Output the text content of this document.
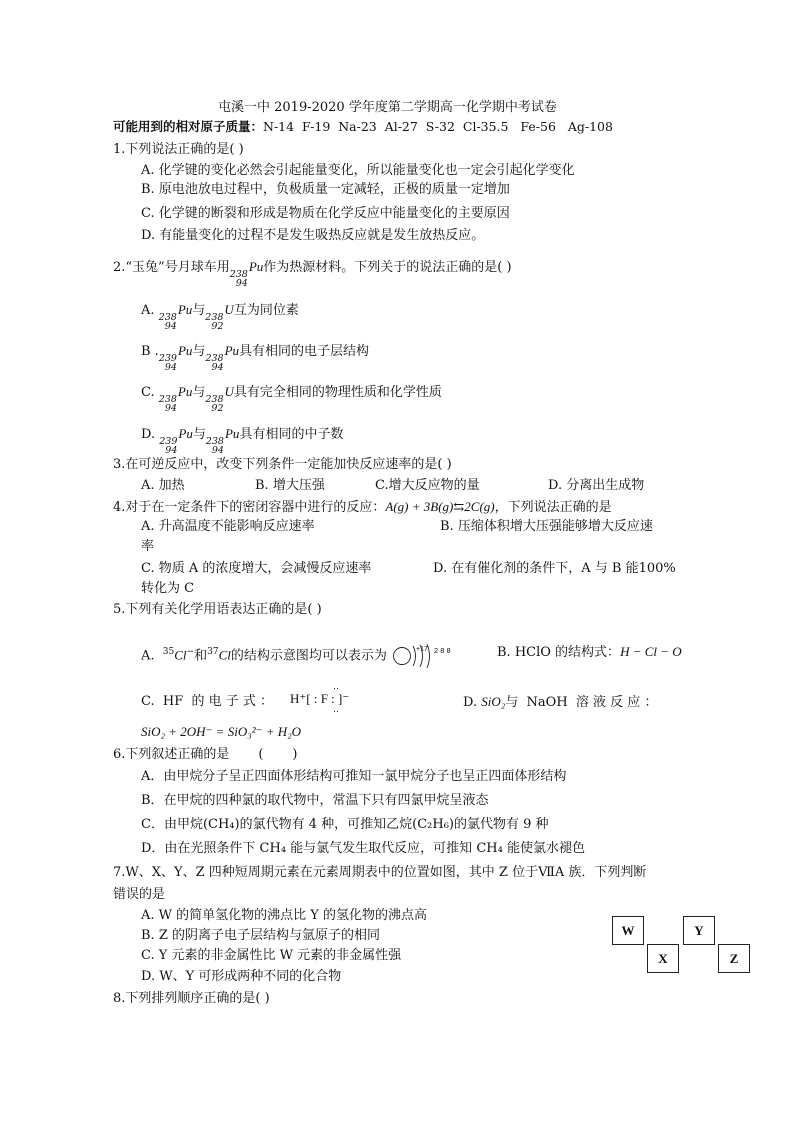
屯溪一中 2019-2020 学年度第二学期高一化学期中考试卷
可能用到的相对原子质量：N-14  F-19  Na-23  Al-27  S-32  Cl-35.5   Fe-56   Ag-108
1.下列说法正确的是( )
A. 化学键的变化必然会引起能量变化，所以能量变化也一定会引起化学变化
B. 原电池放电过程中，负极质量一定减轻，正极的质量一定增加
C. 化学键的断裂和形成是物质在化学反应中能量变化的主要原因
D. 有能量变化的过程不是发生吸热反应就是发生放热反应。
2.“玉兔”号月球车用 238
94
Pu作为热源材料。下列关于的说法正确的是( )
A. 238
94
Pu与 238
92
U互为同位素
B . 239
94
Pu与 238
94
Pu具有相同的电子层结构
C. 238
94
Pu与 238
92
U具有完全相同的物理性质和化学性质
D. 239
94
Pu与 238
94
Pu具有相同的中子数
3.在可逆反应中，改变下列条件一定能加快反应速率的是( )
A. 加热	B. 增大压强	C.增大反应物的量	D. 分离出生成物
4.对于在一定条件下的密闭容器中进行的反应：A(g) + 3B(g)⇆2C(g)，下列说法正确的是
A. 升高温度不能影响反应速率	B. 压缩体积增大压强能够增大反应速
率
C. 物质 A 的浓度增大，会减慢反应速率	D. 在有催化剂的条件下，A 与 B 能100%
转化为 C
5.下列有关化学用语表达正确的是( )
A. $^{35}$Cl−和$^{37}$Cl的结构示意图均可以表示为	+17 2 8 8	B. HClO 的结构式：H − Cl − O
C.  HF  的 电 子 式 ：
‥
H⁺[ : F : ]⁻
‥	D. SiO₂与  NaOH  溶 液 反 应 ：
SiO₂ + 2OH⁻ = SiO₃²⁻ + H₂O
6.下列叙述正确的是       (       )
A．由甲烷分子呈正四面体形结构可推知一氯甲烷分子也呈正四面体形结构
B．在甲烷的四种氯的取代物中，常温下只有四氯甲烷呈液态
C．由甲烷(CH₄)的氯代物有 4 种，可推知乙烷(C₂H₆)的氯代物有 9 种
D．由在光照条件下 CH₄ 能与氯气发生取代反应，可推知 CH₄ 能使氯水褪色
7.W、X、Y、Z 四种短周期元素在元素周期表中的位置如图，其中 Z 位于ⅦA 族．下列判断
错误的是
A. W 的简单氢化物的沸点比 Y 的氢化物的沸点高
B. Z 的阴离子电子层结构与氩原子的相同
C. Y 元素的非金属性比 W 元素的非金属性强
D. W、Y 可形成两种不同的化合物
W	Y
X	Z
8.下列排列顺序正确的是( )
